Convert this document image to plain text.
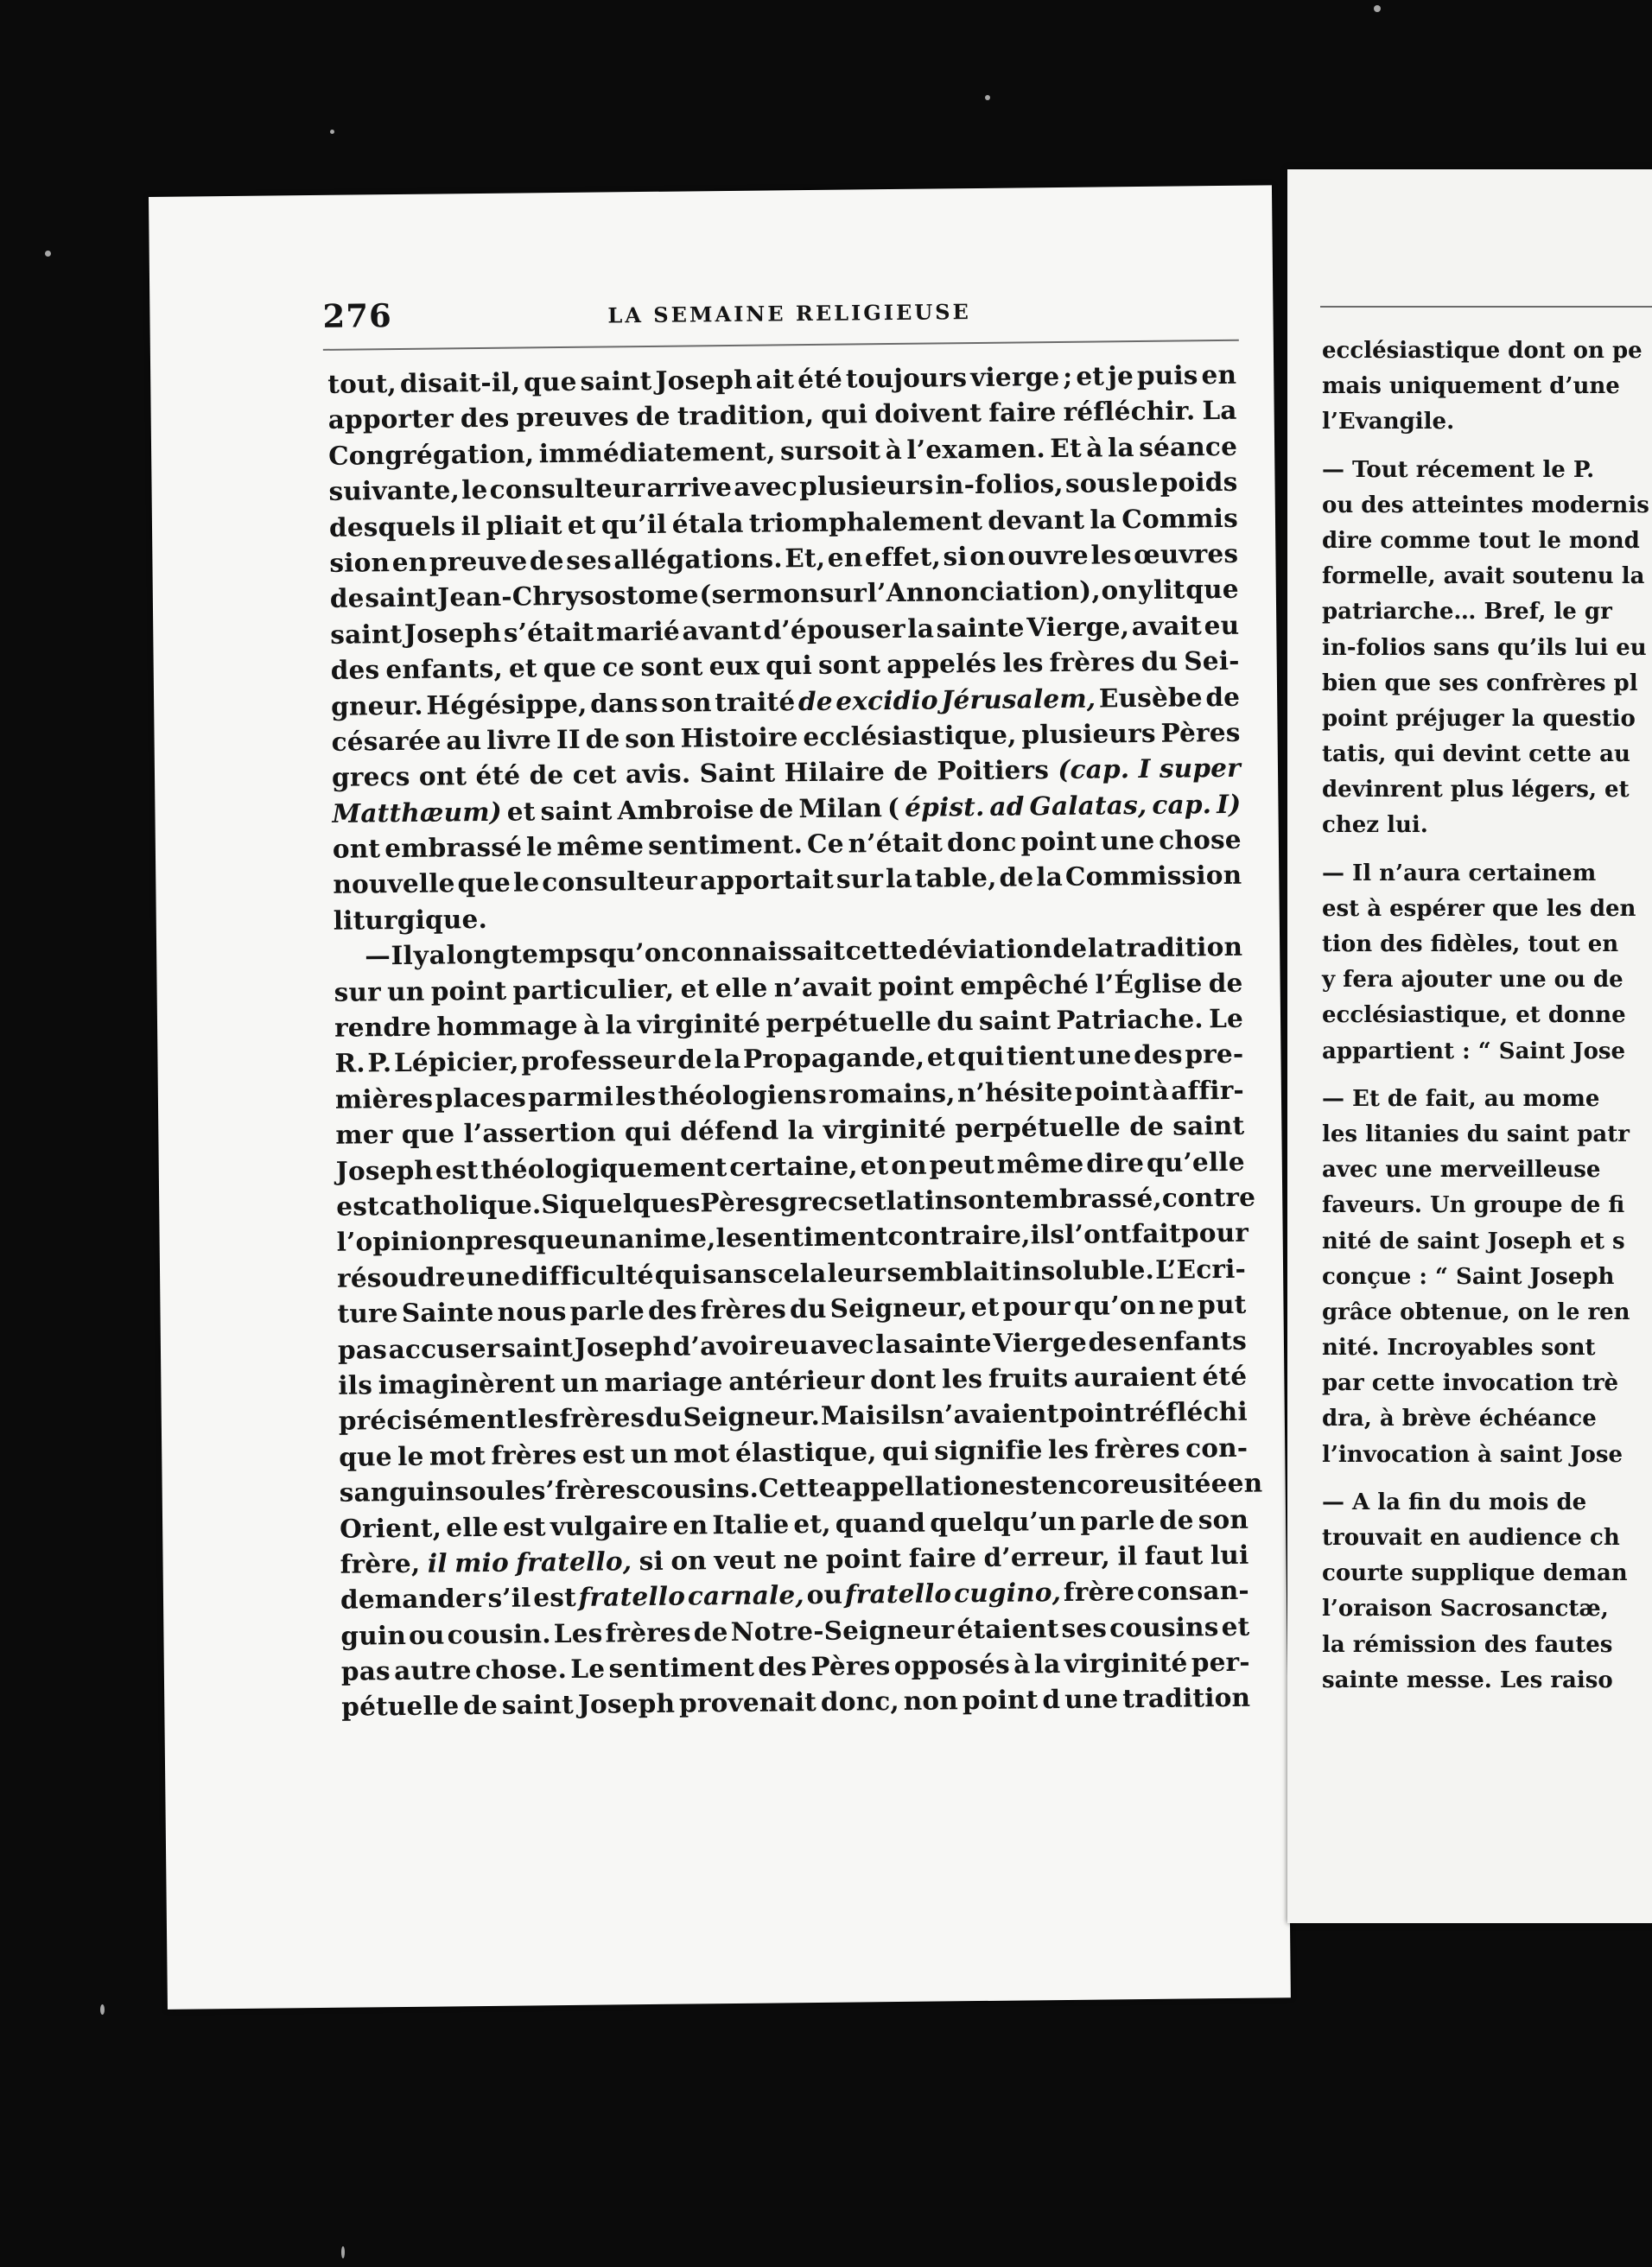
276	LA SEMAINE RELIGIEUSE
tout, disait-il, que saint Joseph ait été toujours vierge ; et je puis en
apporter des preuves de tradition, qui doivent faire réfléchir. La
Congrégation, immédiatement, sursoit à l’examen. Et à la séance
suivante, le consulteur arrive avec plusieurs in-folios, sous le poids
desquels il pliait et qu’il étala triomphalement devant la Commis
sion en preuve de ses allégations. Et, en effet, si on ouvre les œuvres
de saint Jean-Chrysostome (sermon sur l’Annonciation), on y lit que
saint Joseph s’était marié avant d’épouser la sainte Vierge, avait eu
des enfants, et que ce sont eux qui sont appelés les frères du Sei-
gneur. Hégésippe, dans son traité de excidio Jérusalem, Eusèbe de
césarée au livre II de son Histoire ecclésiastique, plusieurs Pères
grecs ont été de cet avis. Saint Hilaire de Poitiers (cap. I super
Matthæum) et saint Ambroise de Milan ( épist. ad Galatas, cap. I)
ont embrassé le même sentiment. Ce n’était donc point une chose
nouvelle que le consulteur apportait sur la table, de la Commission
liturgique.
— Il y a longtemps qu’on connaissait cette déviation de la tradition
sur un point particulier, et elle n’avait point empêché l’Église de
rendre hommage à la virginité perpétuelle du saint Patriache. Le
R. P. Lépicier, professeur de la Propagande, et qui tient une des pre-
mières places parmi les théologiens romains, n’hésite point à affir-
mer que l’assertion qui défend la virginité perpétuelle de saint
Joseph est théologiquement certaine, et on peut même dire qu’elle
est catholique. Si quelques Pères grecs et latins ont embrassé, contre
l’opinion presque unanime, le sentiment contraire, ils l’ont fait pour
résoudre une difficulté qui sans cela leur semblait insoluble. L’Ecri-
ture Sainte nous parle des frères du Seigneur, et pour qu’on ne put
pas accuser saint Joseph d’avoir eu avec la sainte Vierge des enfants
ils imaginèrent un mariage antérieur dont les fruits auraient été
précisément les frères du Seigneur. Mais ils n’avaient point réfléchi
que le mot frères est un mot élastique, qui signifie les frères con-
sanguins ou les’frères cousins. Cette appellation est encore usitée en
Orient, elle est vulgaire en Italie et, quand quelqu’un parle de son
frère, il mio fratello, si on veut ne point faire d’erreur, il faut lui
demander s’il est fratello carnale, ou fratello cugino, frère consan-
guin ou cousin. Les frères de Notre-Seigneur étaient ses cousins et
pas autre chose. Le sentiment des Pères opposés à la virginité per-
pétuelle de saint Joseph provenait donc, non point d une tradition
ecclésiastique dont on pe
mais uniquement d’une
l’Evangile.
— Tout récement le P.
ou des atteintes modernis
dire comme tout le mond
formelle, avait soutenu la
patriarche… Bref, le gr
in-folios sans qu’ils lui eu
bien que ses confrères pl
point préjuger la questio
tatis, qui devint cette au
devinrent plus légers, et
chez lui.
— Il n’aura certainem
est à espérer que les den
tion des fidèles, tout en
y fera ajouter une ou de
ecclésiastique, et donne
appartient : “ Saint Jose
— Et de fait, au mome
les litanies du saint patr
avec une merveilleuse
faveurs. Un groupe de fi
nité de saint Joseph et s
conçue : “ Saint Joseph
grâce obtenue, on le ren
nité. Incroyables sont
par cette invocation trè
dra, à brève échéance
l’invocation à saint Jose
— A la fin du mois de
trouvait en audience ch
courte supplique deman
l’oraison Sacrosanctæ,
la rémission des fautes
sainte messe. Les raiso
